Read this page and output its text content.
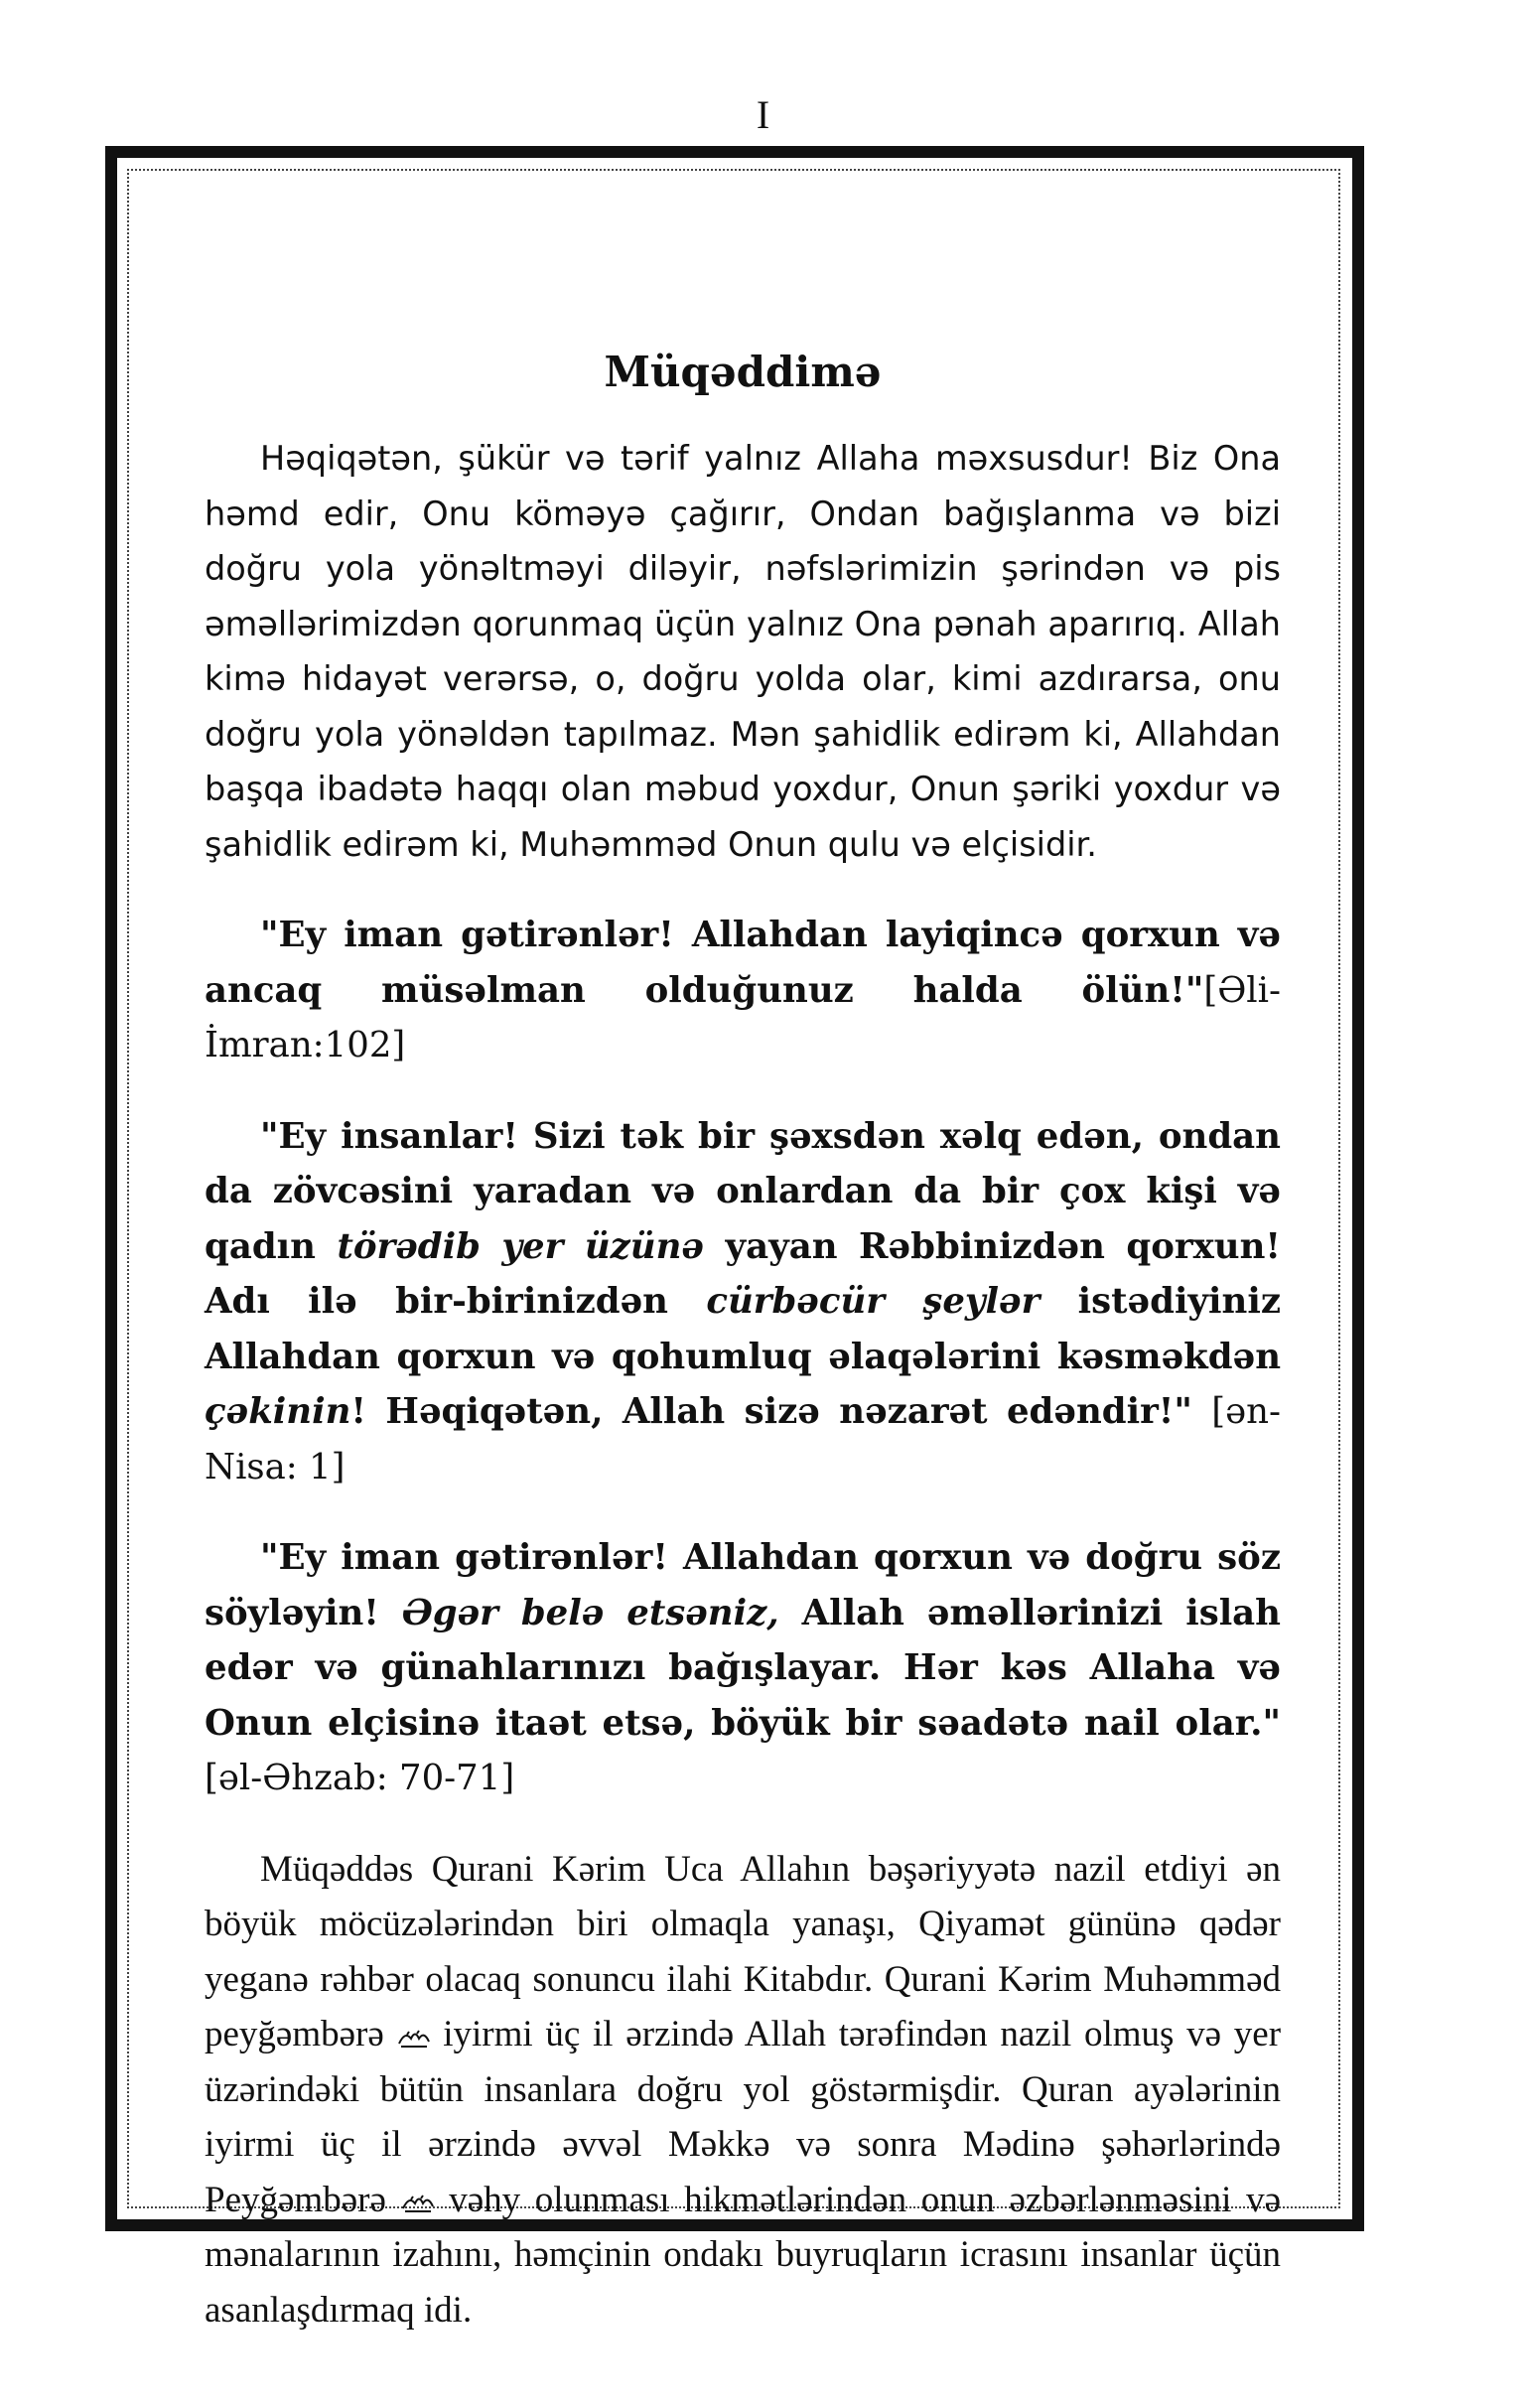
I
Müqəddimə

Həqiqətən, şükür və tərif yalnız Allaha məxsusdur! Biz Ona həmd edir, Onu köməyə çağırır, Ondan bağışlanma və bizi doğru yola yönəltməyi diləyir, nəfslərimizin şərindən və pis əməllərimizdən qorunmaq üçün yalnız Ona pənah aparırıq. Allah kimə hidayət verərsə, o, doğru yolda olar, kimi azdırarsa, onu doğru yola yönəldən tapılmaz. Mən şahidlik edirəm ki, Allahdan başqa ibadətə haqqı olan məbud yoxdur, Onun şəriki yoxdur və şahidlik edirəm ki, Muhəmməd Onun qulu və elçisidir.

"Ey iman gətirənlər! Allahdan layiqincə qorxun və ancaq müsəlman olduğunuz halda ölün!"[Əli-İmran:102]

"Ey insanlar! Sizi tək bir şəxsdən xəlq edən, ondan da zövcəsini yaradan və onlardan da bir çox kişi və qadın törədib yer üzünə yayan Rəbbinizdən qorxun! Adı ilə bir-birinizdən cürbəcür şeylər istədiyiniz Allahdan qorxun və qohumluq əlaqələrini kəsməkdən çəkinin! Həqiqətən, Allah sizə nəzarət edəndir!" [ən-Nisa: 1]

"Ey iman gətirənlər! Allahdan qorxun və doğru söz söyləyin! Əgər belə etsəniz, Allah əməllərinizi islah edər və günahlarınızı bağışlayar. Hər kəs Allaha və Onun elçisinə itaət etsə, böyük bir səadətə nail olar." [əl-Əhzab: 70-71]

Müqəddəs Qurani Kərim Uca Allahın bəşəriyyətə nazil etdiyi ən böyük möcüzələrindən biri olmaqla yanaşı, Qiyamət gününə qədər yeganə rəhbər olacaq sonuncu ilahi Kitabdır. Qurani Kərim Muhəmməd peyğəmbərə iyirmi üç il ərzində Allah tərəfindən nazil olmuş və yer üzərindəki bütün insanlara doğru yol göstərmişdir. Quran ayələrinin iyirmi üç il ərzində əvvəl Məkkə və sonra Mədinə şəhərlərində Peyğəmbərə vəhy olunması hikmətlərindən onun əzbərlənməsini və mənalarının izahını, həmçinin ondakı buyruqların icrasını insanlar üçün asanlaşdırmaq idi.
